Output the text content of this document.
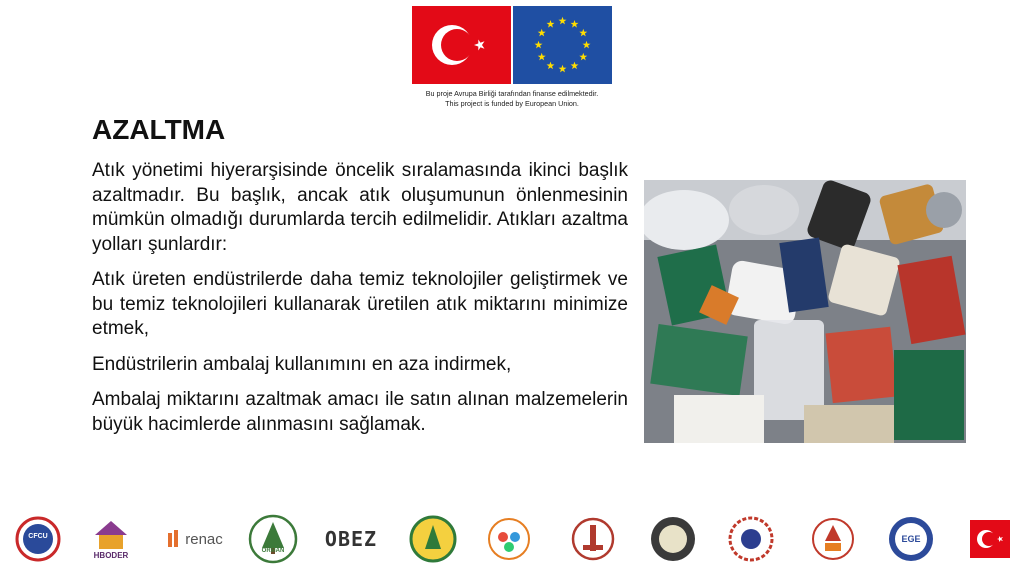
Bu proje Avrupa Birliği tarafından finanse edilmektedir.
This project is funded by European Union.
AZALTMA

Atık yönetimi hiyerarşisinde öncelik sıralamasında ikinci başlık azaltmadır. Bu başlık, ancak atık oluşumunun önlenmesinin mümkün olmadığı durumlarda tercih edilmelidir. Atıkları azaltma yolları şunlardır:

Atık üreten endüstrilerde daha temiz teknolojiler geliştirmek ve bu temiz teknolojileri kullanarak üretilen atık miktarını minimize etmek,

Endüstrilerin ambalaj kullanımını en aza indirmek,

Ambalaj miktarını azaltmak amacı ile satın alınan malzemelerin büyük hacimlerde alınmasını sağlamak.

CFCU
HBODER
renac
ORMAN OBEZ	EGE
